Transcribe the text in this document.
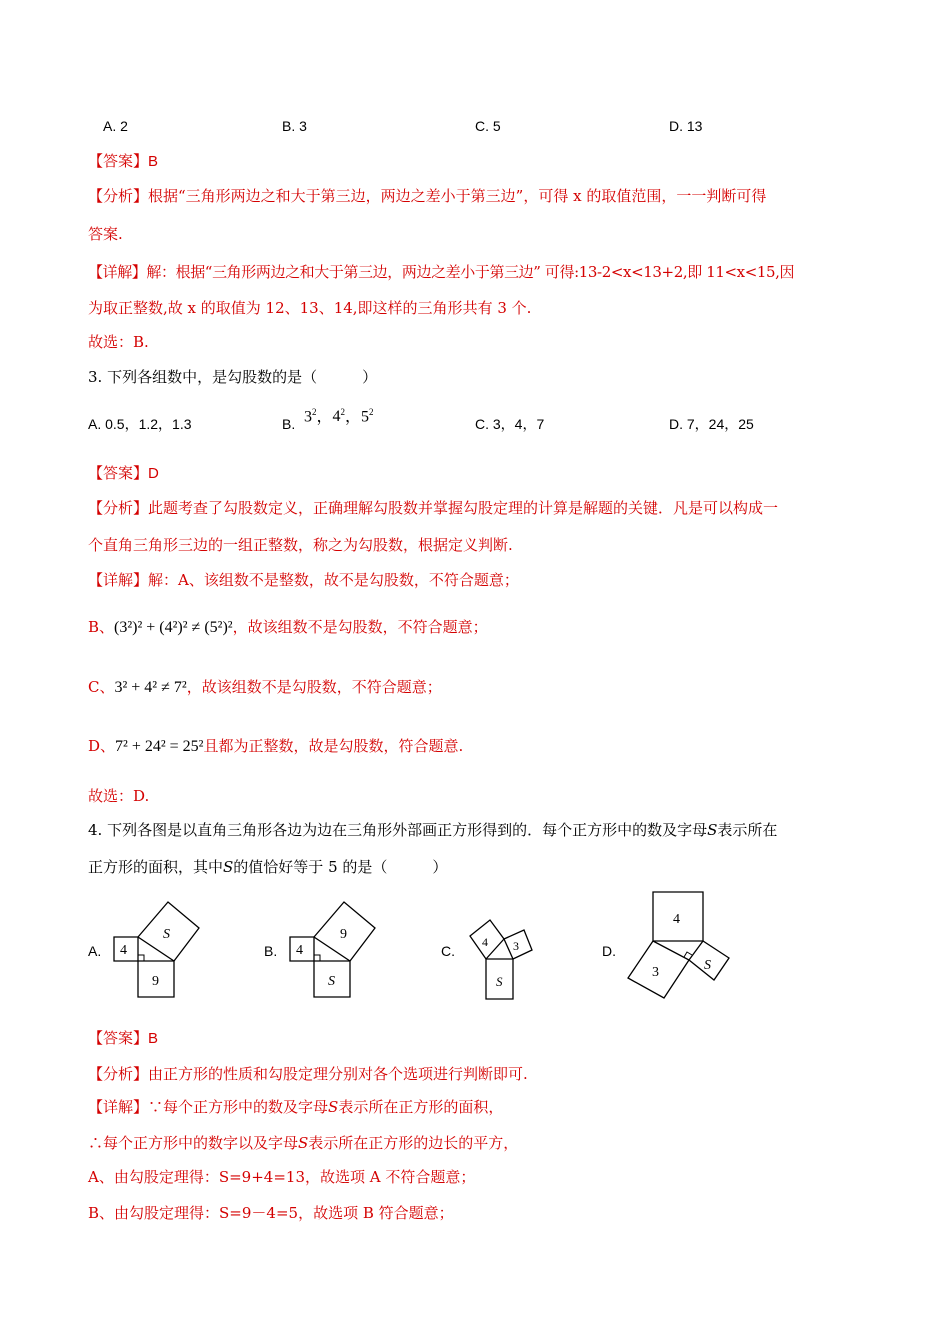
A. 2	B. 3	C. 5	D. 13
【答案】B
【分析】根据“三角形两边之和大于第三边，两边之差小于第三边”，可得 x 的取值范围，一一判断可得
答案.
【详解】解：根据“三角形两边之和大于第三边，两边之差小于第三边” 可得:13-2<x<13+2,即 11<x<15,因
为取正整数,故 x 的取值为 12、13、14,即这样的三角形共有 3 个.
故选：B.
3. 下列各组数中，是勾股数的是（　　　）
A. 0.5，1.2，1.3	B. $3^2$，$4^2$，$5^2$
C. 3，4，7	D. 7，24，25
【答案】D
【分析】此题考查了勾股数定义，正确理解勾股数并掌握勾股定理的计算是解题的关键．凡是可以构成一
个直角三角形三边的一组正整数，称之为勾股数，根据定义判断.
【详解】解：A、该组数不是整数，故不是勾股数，不符合题意；
B、(3²)² + (4²)² ≠ (5²)²，故该组数不是勾股数，不符合题意；
C、3² + 4² ≠ 7²，故该组数不是勾股数，不符合题意；
D、7² + 24² = 25²且都为正整数，故是勾股数，符合题意.
故选：D.
4. 下列各图是以直角三角形各边为边在三角形外部画正方形得到的．每个正方形中的数及字母S表示所在
正方形的面积，其中S的值恰好等于 5 的是（　　　）
A.	B.	C.	D.
4
S
9
4
9
S
4 3
S
4
3	S
【答案】B
【分析】由正方形的性质和勾股定理分别对各个选项进行判断即可.
【详解】∵每个正方形中的数及字母S表示所在正方形的面积，
∴每个正方形中的数字以及字母S表示所在正方形的边长的平方，
A、由勾股定理得：S=9+4=13，故选项 A 不符合题意；
B、由勾股定理得：S=9－4=5，故选项 B 符合题意；
